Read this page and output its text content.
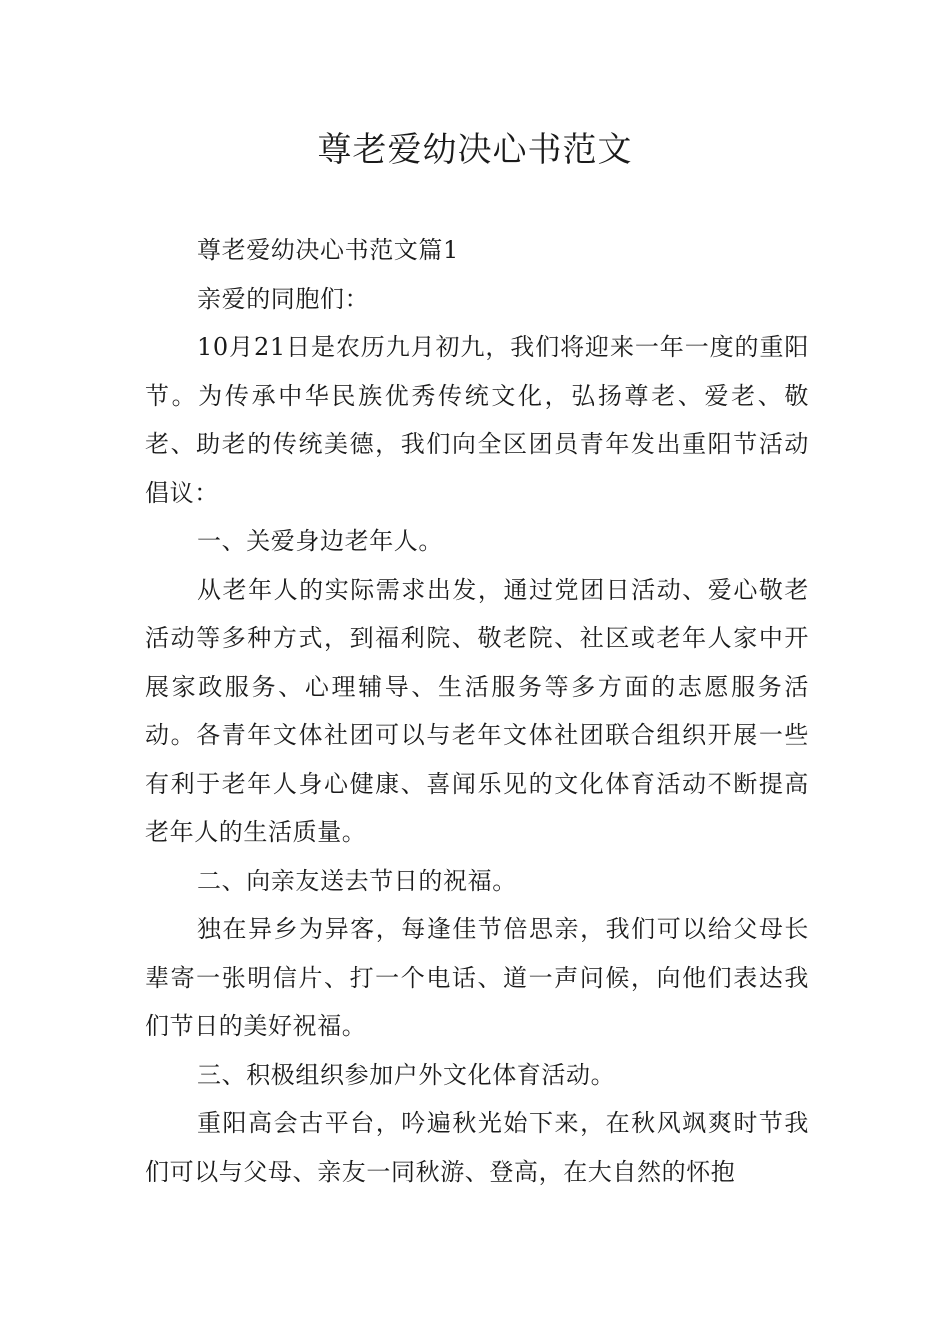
尊老爱幼决心书范文

尊老爱幼决心书范文篇1

亲爱的同胞们：

10月21日是农历九月初九，我们将迎来一年一度的重阳节。为传承中华民族优秀传统文化，弘扬尊老、爱老、敬老、助老的传统美德，我们向全区团员青年发出重阳节活动倡议：

一、关爱身边老年人。

从老年人的实际需求出发，通过党团日活动、爱心敬老活动等多种方式，到福利院、敬老院、社区或老年人家中开展家政服务、心理辅导、生活服务等多方面的志愿服务活动。各青年文体社团可以与老年文体社团联合组织开展一些有利于老年人身心健康、喜闻乐见的文化体育活动不断提高老年人的生活质量。

二、向亲友送去节日的祝福。

独在异乡为异客，每逢佳节倍思亲，我们可以给父母长辈寄一张明信片、打一个电话、道一声问候，向他们表达我们节日的美好祝福。

三、积极组织参加户外文化体育活动。

重阳高会古平台，吟遍秋光始下来，在秋风飒爽时节我们可以与父母、亲友一同秋游、登高，在大自然的怀抱
